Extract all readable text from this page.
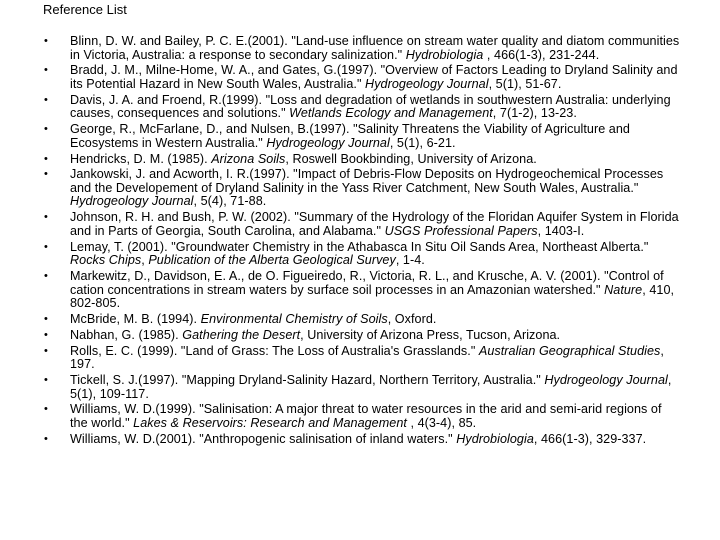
Reference List
• Blinn, D. W. and Bailey, P. C. E.(2001). "Land-use influence on stream water quality and diatom communities in Victoria, Australia: a response to secondary salinization." Hydrobiologia , 466(1-3), 231-244.
• Bradd, J. M., Milne-Home, W. A., and Gates, G.(1997). "Overview of Factors Leading to Dryland Salinity and its Potential Hazard in New South Wales, Australia." Hydrogeology Journal, 5(1), 51-67.
• Davis, J. A. and Froend, R.(1999). "Loss and degradation of wetlands in southwestern Australia: underlying causes, consequences and solutions." Wetlands Ecology and Management, 7(1-2), 13-23.
• George, R., McFarlane, D., and Nulsen, B.(1997). "Salinity Threatens the Viability of Agriculture and Ecosystems in Western Australia." Hydrogeology Journal, 5(1), 6-21.
• Hendricks, D. M. (1985). Arizona Soils, Roswell Bookbinding, University of Arizona.
• Jankowski, J. and Acworth, I. R.(1997). "Impact of Debris-Flow Deposits on Hydrogeochemical Processes and the Developement of Dryland Salinity in the Yass River Catchment, New South Wales, Australia." Hydrogeology Journal, 5(4), 71-88.
• Johnson, R. H. and Bush, P. W. (2002). "Summary of the Hydrology of the Floridan Aquifer System in Florida and in Parts of Georgia, South Carolina, and Alabama." USGS Professional Papers, 1403-I.
• Lemay, T. (2001). "Groundwater Chemistry in the Athabasca In Situ Oil Sands Area, Northeast Alberta." Rocks Chips, Publication of the Alberta Geological Survey, 1-4.
• Markewitz, D., Davidson, E. A., de O. Figueiredo, R., Victoria, R. L., and Krusche, A. V. (2001). "Control of cation concentrations in stream waters by surface soil processes in an Amazonian watershed." Nature, 410, 802-805.
• McBride, M. B. (1994). Environmental Chemistry of Soils, Oxford.
• Nabhan, G. (1985). Gathering the Desert, University of Arizona Press, Tucson, Arizona.
• Rolls, E. C. (1999). "Land of Grass: The Loss of Australia's Grasslands." Australian Geographical Studies, 197.
• Tickell, S. J.(1997). "Mapping Dryland-Salinity Hazard, Northern Territory, Australia." Hydrogeology Journal, 5(1), 109-117.
• Williams, W. D.(1999). "Salinisation: A major threat to water resources in the arid and semi-arid regions of the world." Lakes & Reservoirs: Research and Management , 4(3-4), 85.
• Williams, W. D.(2001). "Anthropogenic salinisation of inland waters." Hydrobiologia, 466(1-3), 329-337.
